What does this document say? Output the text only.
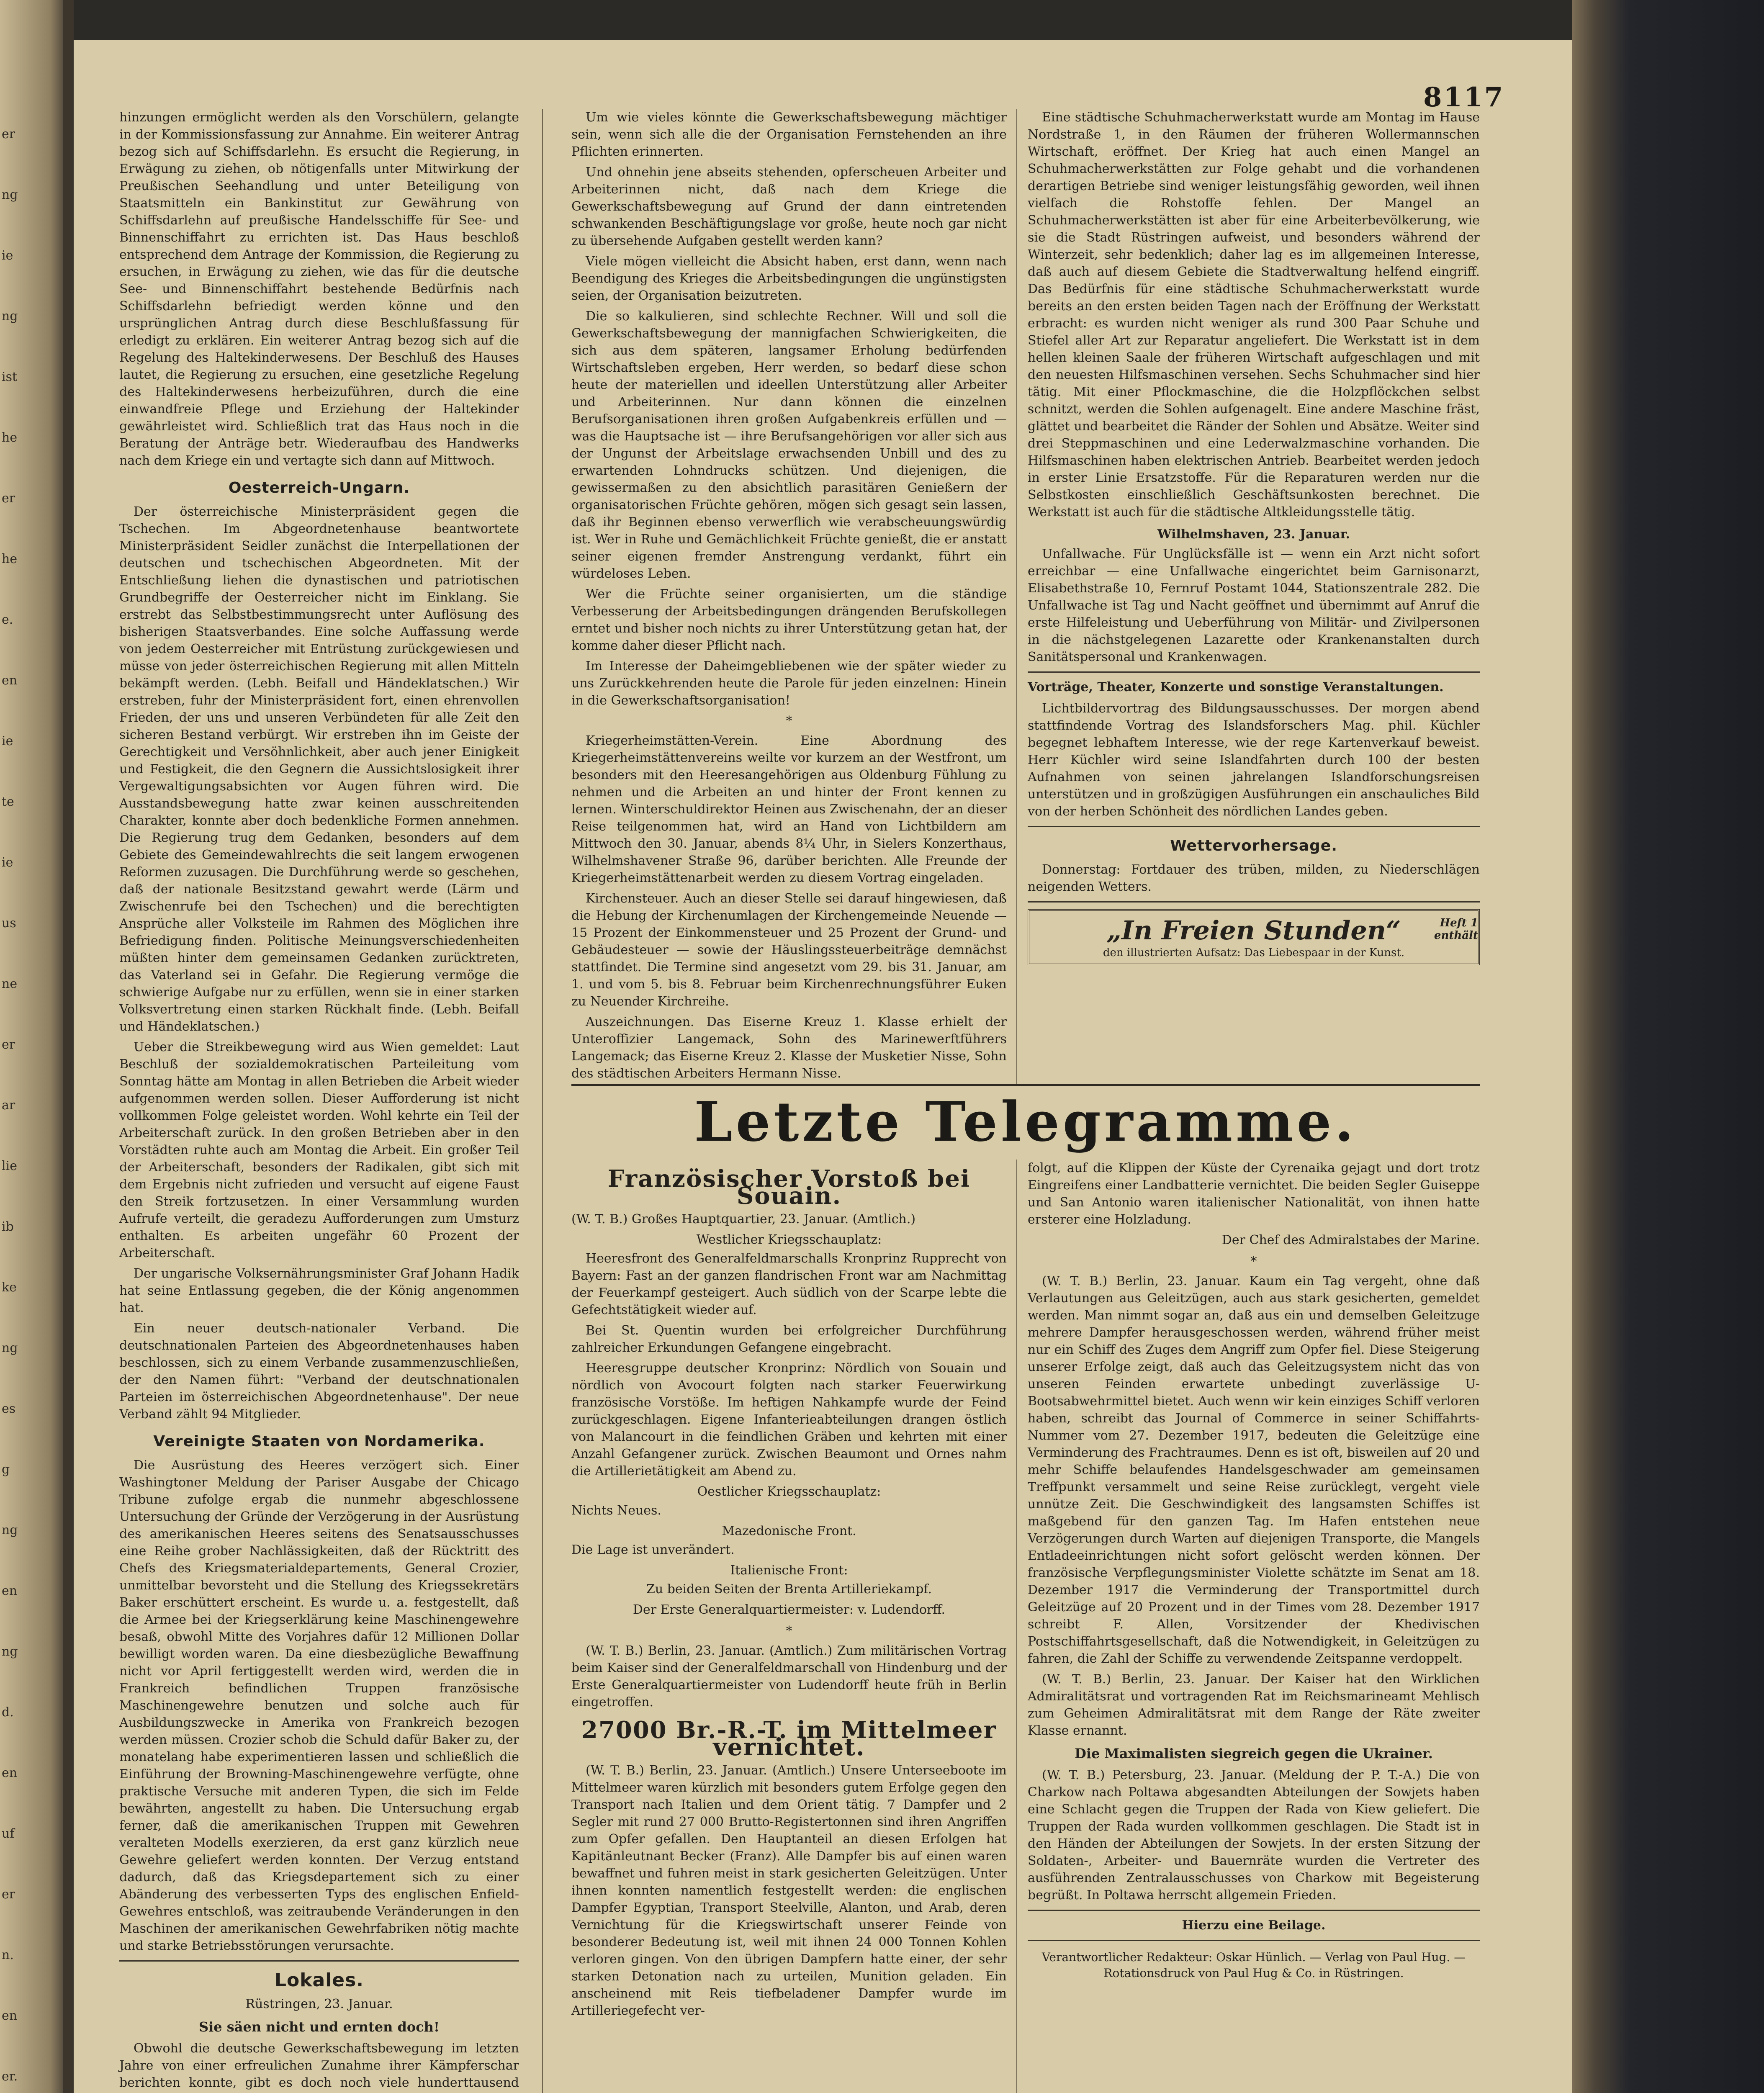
er
ng
ie
ng
ist
he
er
he
e.
en
ie
te
ie
us
ne
er
ar
lie
ib
ke
ng
es
g
ng
en
ng
d.
en
uf
er
n.
en
er.
8117

hinzungen ermöglicht werden als den Vorschülern, gelangte in der Kommissionsfassung zur Annahme. Ein weiterer Antrag bezog sich auf Schiffsdarlehn. Es ersucht die Regierung, in Erwägung zu ziehen, ob nötigenfalls unter Mitwirkung der Preußischen Seehandlung und unter Beteiligung von Staatsmitteln ein Bankinstitut zur Gewährung von Schiffsdarlehn auf preußische Handelsschiffe für See- und Binnenschiffahrt zu errichten ist. Das Haus beschloß entsprechend dem Antrage der Kommission, die Regierung zu ersuchen, in Erwägung zu ziehen, wie das für die deutsche See- und Binnenschiffahrt bestehende Bedürfnis nach Schiffsdarlehn befriedigt werden könne und den ursprünglichen Antrag durch diese Beschlußfassung für erledigt zu erklären. Ein weiterer Antrag bezog sich auf die Regelung des Haltekinderwesens. Der Beschluß des Hauses lautet, die Regierung zu ersuchen, eine gesetzliche Regelung des Haltekinderwesens herbeizuführen, durch die eine einwandfreie Pflege und Erziehung der Haltekinder gewährleistet wird. Schließlich trat das Haus noch in die Beratung der Anträge betr. Wiederaufbau des Handwerks nach dem Kriege ein und vertagte sich dann auf Mittwoch.

Oesterreich-Ungarn.

Der österreichische Ministerpräsident gegen die Tschechen. Im Abgeordnetenhause beantwortete Ministerpräsident Seidler zunächst die Interpellationen der deutschen und tschechischen Abgeordneten. Mit der Entschließung liehen die dynastischen und patriotischen Grundbegriffe der Oesterreicher nicht im Einklang. Sie erstrebt das Selbstbestimmungsrecht unter Auflösung des bisherigen Staatsverbandes. Eine solche Auffassung werde von jedem Oesterreicher mit Entrüstung zurückgewiesen und müsse von jeder österreichischen Regierung mit allen Mitteln bekämpft werden. (Lebh. Beifall und Händeklatschen.) Wir erstreben, fuhr der Ministerpräsident fort, einen ehrenvollen Frieden, der uns und unseren Verbündeten für alle Zeit den sicheren Bestand verbürgt. Wir erstreben ihn im Geiste der Gerechtigkeit und Versöhnlichkeit, aber auch jener Einigkeit und Festigkeit, die den Gegnern die Aussichtslosigkeit ihrer Vergewaltigungsabsichten vor Augen führen wird. Die Ausstandsbewegung hatte zwar keinen ausschreitenden Charakter, konnte aber doch bedenkliche Formen annehmen. Die Regierung trug dem Gedanken, besonders auf dem Gebiete des Gemeindewahlrechts die seit langem erwogenen Reformen zuzusagen. Die Durchführung werde so geschehen, daß der nationale Besitzstand gewahrt werde (Lärm und Zwischenrufe bei den Tschechen) und die berechtigten Ansprüche aller Volksteile im Rahmen des Möglichen ihre Befriedigung finden. Politische Meinungsverschiedenheiten müßten hinter dem gemeinsamen Gedanken zurücktreten, das Vaterland sei in Gefahr. Die Regierung vermöge die schwierige Aufgabe nur zu erfüllen, wenn sie in einer starken Volksvertretung einen starken Rückhalt finde. (Lebh. Beifall und Händeklatschen.)

Ueber die Streikbewegung wird aus Wien gemeldet: Laut Beschluß der sozialdemokratischen Parteileitung vom Sonntag hätte am Montag in allen Betrieben die Arbeit wieder aufgenommen werden sollen. Dieser Aufforderung ist nicht vollkommen Folge geleistet worden. Wohl kehrte ein Teil der Arbeiterschaft zurück. In den großen Betrieben aber in den Vorstädten ruhte auch am Montag die Arbeit. Ein großer Teil der Arbeiterschaft, besonders der Radikalen, gibt sich mit dem Ergebnis nicht zufrieden und versucht auf eigene Faust den Streik fortzusetzen. In einer Versammlung wurden Aufrufe verteilt, die geradezu Aufforderungen zum Umsturz enthalten. Es arbeiten ungefähr 60 Prozent der Arbeiterschaft.

Der ungarische Volksernährungsminister Graf Johann Hadik hat seine Entlassung gegeben, die der König angenommen hat.

Ein neuer deutsch-nationaler Verband. Die deutschnationalen Parteien des Abgeordnetenhauses haben beschlossen, sich zu einem Verbande zusammenzuschließen, der den Namen führt: "Verband der deutschnationalen Parteien im österreichischen Abgeordnetenhause". Der neue Verband zählt 94 Mitglieder.

Vereinigte Staaten von Nordamerika.

Die Ausrüstung des Heeres verzögert sich. Einer Washingtoner Meldung der Pariser Ausgabe der Chicago Tribune zufolge ergab die nunmehr abgeschlossene Untersuchung der Gründe der Verzögerung in der Ausrüstung des amerikanischen Heeres seitens des Senatsausschusses eine Reihe grober Nachlässigkeiten, daß der Rücktritt des Chefs des Kriegsmaterialdepartements, General Crozier, unmittelbar bevorsteht und die Stellung des Kriegssekretärs Baker erschüttert erscheint. Es wurde u. a. festgestellt, daß die Armee bei der Kriegserklärung keine Maschinengewehre besaß, obwohl Mitte des Vorjahres dafür 12 Millionen Dollar bewilligt worden waren. Da eine diesbezügliche Bewaffnung nicht vor April fertiggestellt werden wird, werden die in Frankreich befindlichen Truppen französische Maschinengewehre benutzen und solche auch für Ausbildungszwecke in Amerika von Frankreich bezogen werden müssen. Crozier schob die Schuld dafür Baker zu, der monatelang habe experimentieren lassen und schließlich die Einführung der Browning-Maschinengewehre verfügte, ohne praktische Versuche mit anderen Typen, die sich im Felde bewährten, angestellt zu haben. Die Untersuchung ergab ferner, daß die amerikanischen Truppen mit Gewehren veralteten Modells exerzieren, da erst ganz kürzlich neue Gewehre geliefert werden konnten. Der Verzug entstand dadurch, daß das Kriegsdepartement sich zu einer Abänderung des verbesserten Typs des englischen Enfield-Gewehres entschloß, was zeitraubende Veränderungen in den Maschinen der amerikanischen Gewehrfabriken nötig machte und starke Betriebsstörungen verursachte.

Lokales.

Rüstringen, 23. Januar.

Sie säen nicht und ernten doch!

Obwohl die deutsche Gewerkschaftsbewegung im letzten Jahre von einer erfreulichen Zunahme ihrer Kämpferschar berichten konnte, gibt es doch noch viele hunderttausend

Um wie vieles könnte die Gewerkschaftsbewegung mächtiger sein, wenn sich alle die der Organisation Fernstehenden an ihre Pflichten erinnerten.

Und ohnehin jene abseits stehenden, opferscheuen Arbeiter und Arbeiterinnen nicht, daß nach dem Kriege die Gewerkschaftsbewegung auf Grund der dann eintretenden schwankenden Beschäftigungslage vor große, heute noch gar nicht zu übersehende Aufgaben gestellt werden kann?

Viele mögen vielleicht die Absicht haben, erst dann, wenn nach Beendigung des Krieges die Arbeitsbedingungen die ungünstigsten seien, der Organisation beizutreten.

Die so kalkulieren, sind schlechte Rechner. Will und soll die Gewerkschaftsbewegung der mannigfachen Schwierigkeiten, die sich aus dem späteren, langsamer Erholung bedürfenden Wirtschaftsleben ergeben, Herr werden, so bedarf diese schon heute der materiellen und ideellen Unterstützung aller Arbeiter und Arbeiterinnen. Nur dann können die einzelnen Berufsorganisationen ihren großen Aufgabenkreis erfüllen und — was die Hauptsache ist — ihre Berufsangehörigen vor aller sich aus der Ungunst der Arbeitslage erwachsenden Unbill und des zu erwartenden Lohndrucks schützen. Und diejenigen, die gewissermaßen zu den absichtlich parasitären Genießern der organisatorischen Früchte gehören, mögen sich gesagt sein lassen, daß ihr Beginnen ebenso verwerflich wie verabscheuungswürdig ist. Wer in Ruhe und Gemächlichkeit Früchte genießt, die er anstatt seiner eigenen fremder Anstrengung verdankt, führt ein würdeloses Leben.

Wer die Früchte seiner organisierten, um die ständige Verbesserung der Arbeitsbedingungen drängenden Berufskollegen erntet und bisher noch nichts zu ihrer Unterstützung getan hat, der komme daher dieser Pflicht nach.

Im Interesse der Daheimgebliebenen wie der später wieder zu uns Zurückkehrenden heute die Parole für jeden einzelnen: Hinein in die Gewerkschaftsorganisation!

*

Kriegerheimstätten-Verein. Eine Abordnung des Kriegerheimstättenvereins weilte vor kurzem an der Westfront, um besonders mit den Heeresangehörigen aus Oldenburg Fühlung zu nehmen und die Arbeiten an und hinter der Front kennen zu lernen. Winterschuldirektor Heinen aus Zwischenahn, der an dieser Reise teilgenommen hat, wird an Hand von Lichtbildern am Mittwoch den 30. Januar, abends 8¼ Uhr, in Sielers Konzerthaus, Wilhelmshavener Straße 96, darüber berichten. Alle Freunde der Kriegerheimstättenarbeit werden zu diesem Vortrag eingeladen.

Kirchensteuer. Auch an dieser Stelle sei darauf hingewiesen, daß die Hebung der Kirchenumlagen der Kirchengemeinde Neuende — 15 Prozent der Einkommensteuer und 25 Prozent der Grund- und Gebäudesteuer — sowie der Häuslingssteuerbeiträge demnächst stattfindet. Die Termine sind angesetzt vom 29. bis 31. Januar, am 1. und vom 5. bis 8. Februar beim Kirchenrechnungsführer Euken zu Neuender Kirchreihe.

Auszeichnungen. Das Eiserne Kreuz 1. Klasse erhielt der Unteroffizier Langemack, Sohn des Marinewerftführers Langemack; das Eiserne Kreuz 2. Klasse der Musketier Nisse, Sohn des städtischen Arbeiters Hermann Nisse.

Eine städtische Schuhmacherwerkstatt wurde am Montag im Hause Nordstraße 1, in den Räumen der früheren Wollermannschen Wirtschaft, eröffnet. Der Krieg hat auch einen Mangel an Schuhmacherwerkstätten zur Folge gehabt und die vorhandenen derartigen Betriebe sind weniger leistungsfähig geworden, weil ihnen vielfach die Rohstoffe fehlen. Der Mangel an Schuhmacherwerkstätten ist aber für eine Arbeiterbevölkerung, wie sie die Stadt Rüstringen aufweist, und besonders während der Winterzeit, sehr bedenklich; daher lag es im allgemeinen Interesse, daß auch auf diesem Gebiete die Stadtverwaltung helfend eingriff. Das Bedürfnis für eine städtische Schuhmacherwerkstatt wurde bereits an den ersten beiden Tagen nach der Eröffnung der Werkstatt erbracht: es wurden nicht weniger als rund 300 Paar Schuhe und Stiefel aller Art zur Reparatur angeliefert. Die Werkstatt ist in dem hellen kleinen Saale der früheren Wirtschaft aufgeschlagen und mit den neuesten Hilfsmaschinen versehen. Sechs Schuhmacher sind hier tätig. Mit einer Pflockmaschine, die die Holzpflöckchen selbst schnitzt, werden die Sohlen aufgenagelt. Eine andere Maschine fräst, glättet und bearbeitet die Ränder der Sohlen und Absätze. Weiter sind drei Steppmaschinen und eine Lederwalzmaschine vorhanden. Die Hilfsmaschinen haben elektrischen Antrieb. Bearbeitet werden jedoch in erster Linie Ersatzstoffe. Für die Reparaturen werden nur die Selbstkosten einschließlich Geschäftsunkosten berechnet. Die Werkstatt ist auch für die städtische Altkleidungsstelle tätig.

Wilhelmshaven, 23. Januar.

Unfallwache. Für Unglücksfälle ist — wenn ein Arzt nicht sofort erreichbar — eine Unfallwache eingerichtet beim Garnisonarzt, Elisabethstraße 10, Fernruf Postamt 1044, Stationszentrale 282. Die Unfallwache ist Tag und Nacht geöffnet und übernimmt auf Anruf die erste Hilfeleistung und Ueberführung von Militär- und Zivilpersonen in die nächstgelegenen Lazarette oder Krankenanstalten durch Sanitätspersonal und Krankenwagen.

Vorträge, Theater, Konzerte und sonstige Veranstaltungen.

Lichtbildervortrag des Bildungsausschusses. Der morgen abend stattfindende Vortrag des Islandsforschers Mag. phil. Küchler begegnet lebhaftem Interesse, wie der rege Kartenverkauf beweist. Herr Küchler wird seine Islandfahrten durch 100 der besten Aufnahmen von seinen jahrelangen Islandforschungsreisen unterstützen und in großzügigen Ausführungen ein anschauliches Bild von der herben Schönheit des nördlichen Landes geben.

Wettervorhersage.

Donnerstag: Fortdauer des trüben, milden, zu Niederschlägen neigenden Wetters.

„In Freien Stunden“	Heft 1 enthält
den illustrierten Aufsatz: Das Liebespaar in der Kunst.
Letzte Telegramme.
Französischer Vorstoß bei Souain.

(W. T. B.) Großes Hauptquartier, 23. Januar. (Amtlich.)

Westlicher Kriegsschauplatz:

Heeresfront des Generalfeldmarschalls Kronprinz Rupprecht von Bayern: Fast an der ganzen flandrischen Front war am Nachmittag der Feuerkampf gesteigert. Auch südlich von der Scarpe lebte die Gefechtstätigkeit wieder auf.

Bei St. Quentin wurden bei erfolgreicher Durchführung zahlreicher Erkundungen Gefangene eingebracht.

Heeresgruppe deutscher Kronprinz: Nördlich von Souain und nördlich von Avocourt folgten nach starker Feuerwirkung französische Vorstöße. Im heftigen Nahkampfe wurde der Feind zurückgeschlagen. Eigene Infanterieabteilungen drangen östlich von Malancourt in die feindlichen Gräben und kehrten mit einer Anzahl Gefangener zurück. Zwischen Beaumont und Ornes nahm die Artillerietätigkeit am Abend zu.

Oestlicher Kriegsschauplatz:

Nichts Neues.

Mazedonische Front.

Die Lage ist unverändert.

Italienische Front:

Zu beiden Seiten der Brenta Artilleriekampf.

Der Erste Generalquartiermeister: v. Ludendorff.

*

(W. T. B.) Berlin, 23. Januar. (Amtlich.) Zum militärischen Vortrag beim Kaiser sind der Generalfeldmarschall von Hindenburg und der Erste Generalquartiermeister von Ludendorff heute früh in Berlin eingetroffen.

27000 Br.-R.-T. im Mittelmeer vernichtet.

(W. T. B.) Berlin, 23. Januar. (Amtlich.) Unsere Unterseeboote im Mittelmeer waren kürzlich mit besonders gutem Erfolge gegen den Transport nach Italien und dem Orient tätig. 7 Dampfer und 2 Segler mit rund 27 000 Brutto-Registertonnen sind ihren Angriffen zum Opfer gefallen. Den Hauptanteil an diesen Erfolgen hat Kapitänleutnant Becker (Franz). Alle Dampfer bis auf einen waren bewaffnet und fuhren meist in stark gesicherten Geleitzügen. Unter ihnen konnten namentlich festgestellt werden: die englischen Dampfer Egyptian, Transport Steelville, Alanton, und Arab, deren Vernichtung für die Kriegswirtschaft unserer Feinde von besonderer Bedeutung ist, weil mit ihnen 24 000 Tonnen Kohlen verloren gingen. Von den übrigen Dampfern hatte einer, der sehr starken Detonation nach zu urteilen, Munition geladen. Ein anscheinend mit Reis tiefbeladener Dampfer wurde im Artilleriegefecht ver-

folgt, auf die Klippen der Küste der Cyrenaika gejagt und dort trotz Eingreifens einer Landbatterie vernichtet. Die beiden Segler Guiseppe und San Antonio waren italienischer Nationalität, von ihnen hatte ersterer eine Holzladung.

Der Chef des Admiralstabes der Marine.

*

(W. T. B.) Berlin, 23. Januar. Kaum ein Tag vergeht, ohne daß Verlautungen aus Geleitzügen, auch aus stark gesicherten, gemeldet werden. Man nimmt sogar an, daß aus ein und demselben Geleitzuge mehrere Dampfer herausgeschossen werden, während früher meist nur ein Schiff des Zuges dem Angriff zum Opfer fiel. Diese Steigerung unserer Erfolge zeigt, daß auch das Geleitzugsystem nicht das von unseren Feinden erwartete unbedingt zuverlässige U-Bootsabwehrmittel bietet. Auch wenn wir kein einziges Schiff verloren haben, schreibt das Journal of Commerce in seiner Schiffahrts-Nummer vom 27. Dezember 1917, bedeuten die Geleitzüge eine Verminderung des Frachtraumes. Denn es ist oft, bisweilen auf 20 und mehr Schiffe belaufendes Handelsgeschwader am gemeinsamen Treffpunkt versammelt und seine Reise zurücklegt, vergeht viele unnütze Zeit. Die Geschwindigkeit des langsamsten Schiffes ist maßgebend für den ganzen Tag. Im Hafen entstehen neue Verzögerungen durch Warten auf diejenigen Transporte, die Mangels Entladeeinrichtungen nicht sofort gelöscht werden können. Der französische Verpflegungsminister Violette schätzte im Senat am 18. Dezember 1917 die Verminderung der Transportmittel durch Geleitzüge auf 20 Prozent und in der Times vom 28. Dezember 1917 schreibt F. Allen, Vorsitzender der Khedivischen Postschiffahrtsgesellschaft, daß die Notwendigkeit, in Geleitzügen zu fahren, die Zahl der Schiffe zu verwendende Zeitspanne verdoppelt.

(W. T. B.) Berlin, 23. Januar. Der Kaiser hat den Wirklichen Admiralitätsrat und vortragenden Rat im Reichsmarineamt Mehlisch zum Geheimen Admiralitätsrat mit dem Range der Räte zweiter Klasse ernannt.

Die Maximalisten siegreich gegen die Ukrainer.

(W. T. B.) Petersburg, 23. Januar. (Meldung der P. T.-A.) Die von Charkow nach Poltawa abgesandten Abteilungen der Sowjets haben eine Schlacht gegen die Truppen der Rada von Kiew geliefert. Die Truppen der Rada wurden vollkommen geschlagen. Die Stadt ist in den Händen der Abteilungen der Sowjets. In der ersten Sitzung der Soldaten-, Arbeiter- und Bauernräte wurden die Vertreter des ausführenden Zentralausschusses von Charkow mit Begeisterung begrüßt. In Poltawa herrscht allgemein Frieden.

Hierzu eine Beilage.

Verantwortlicher Redakteur: Oskar Hünlich. — Verlag von Paul Hug. — Rotationsdruck von Paul Hug & Co. in Rüstringen.
